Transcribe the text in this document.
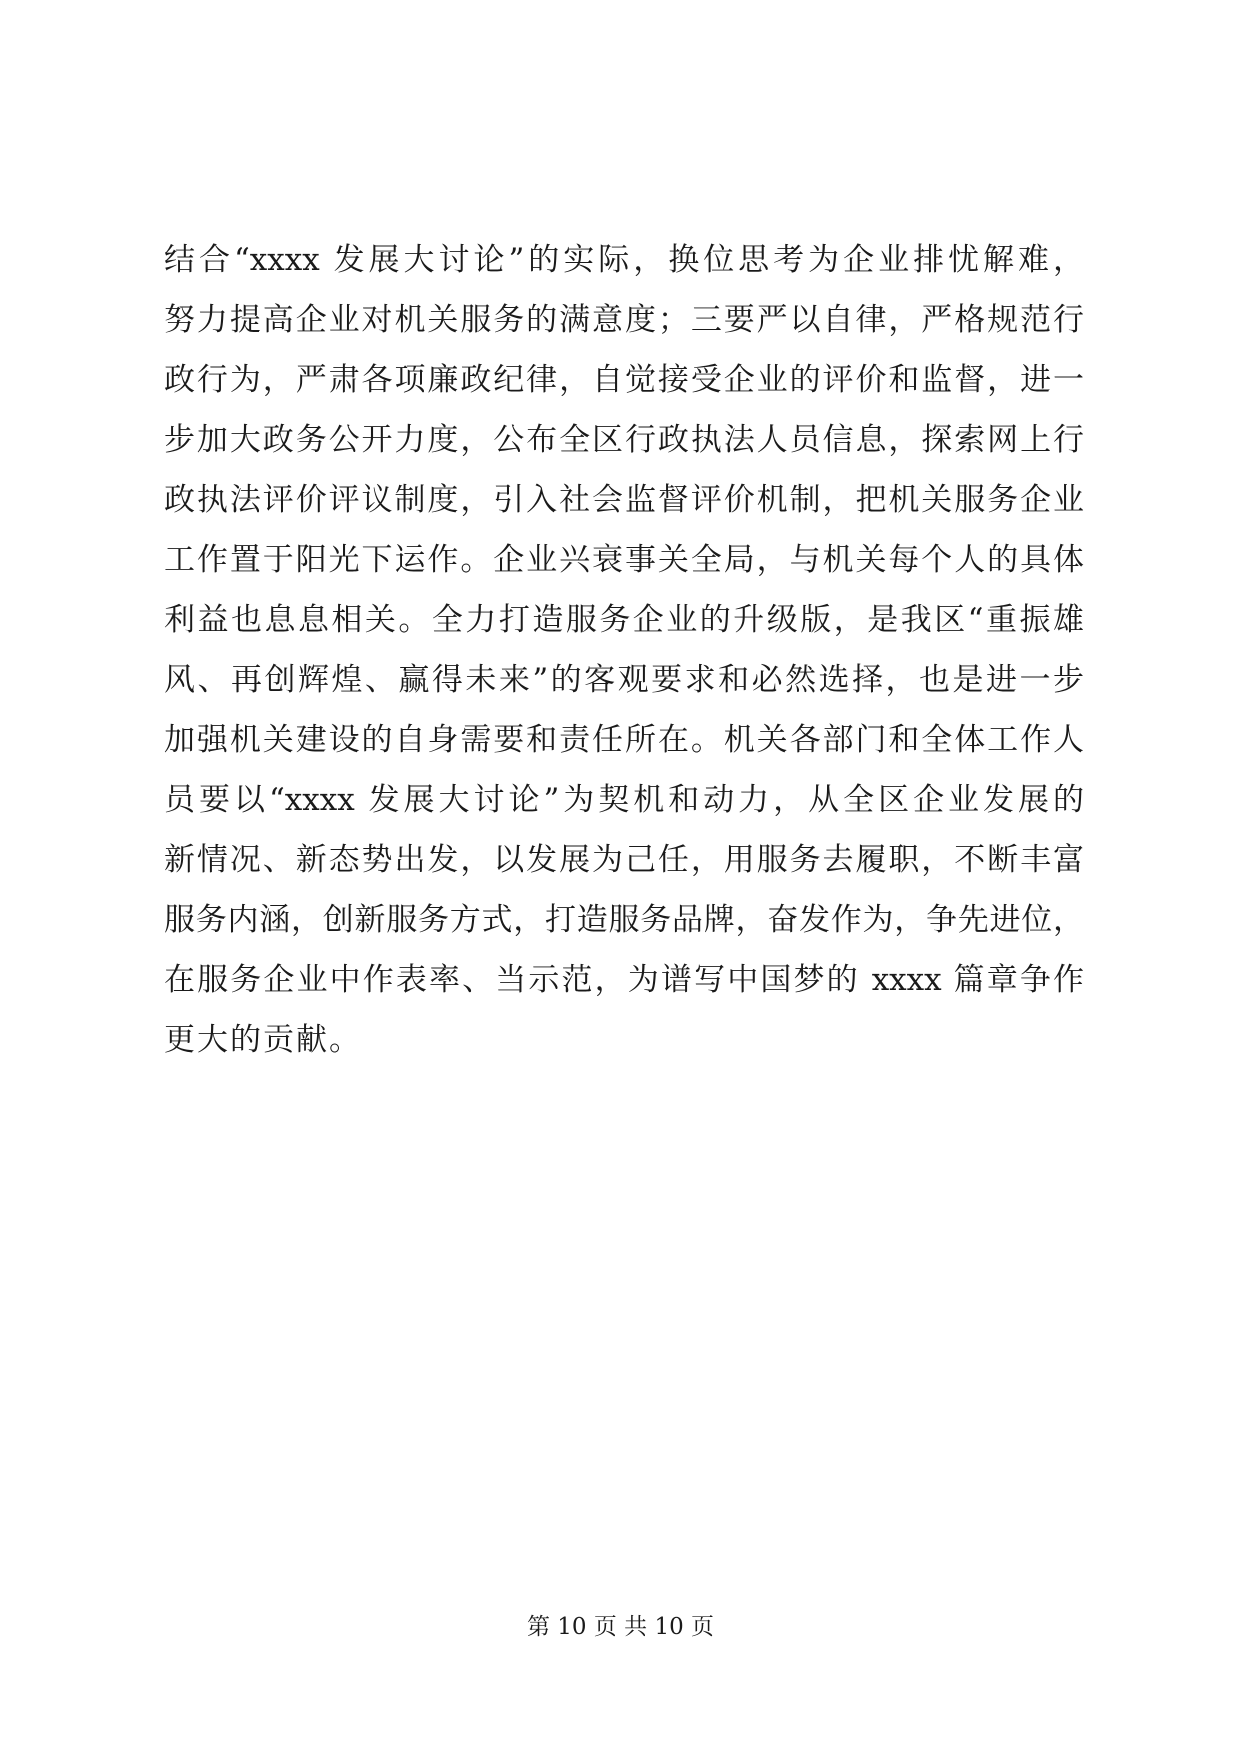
结合“xxxx 发展大讨论”的实际，换位思考为企业排忧解难，
努力提高企业对机关服务的满意度；三要严以自律，严格规范行
政行为，严肃各项廉政纪律，自觉接受企业的评价和监督，进一
步加大政务公开力度，公布全区行政执法人员信息，探索网上行
政执法评价评议制度，引入社会监督评价机制，把机关服务企业
工作置于阳光下运作。企业兴衰事关全局，与机关每个人的具体
利益也息息相关。全力打造服务企业的升级版，是我区“重振雄
风、再创辉煌、赢得未来”的客观要求和必然选择，也是进一步
加强机关建设的自身需要和责任所在。机关各部门和全体工作人
员要以“xxxx 发展大讨论”为契机和动力，从全区企业发展的
新情况、新态势出发，以发展为己任，用服务去履职，不断丰富
服务内涵，创新服务方式，打造服务品牌，奋发作为，争先进位，
在服务企业中作表率、当示范，为谱写中国梦的 xxxx 篇章争作
更大的贡献。
第 10 页 共 10 页
